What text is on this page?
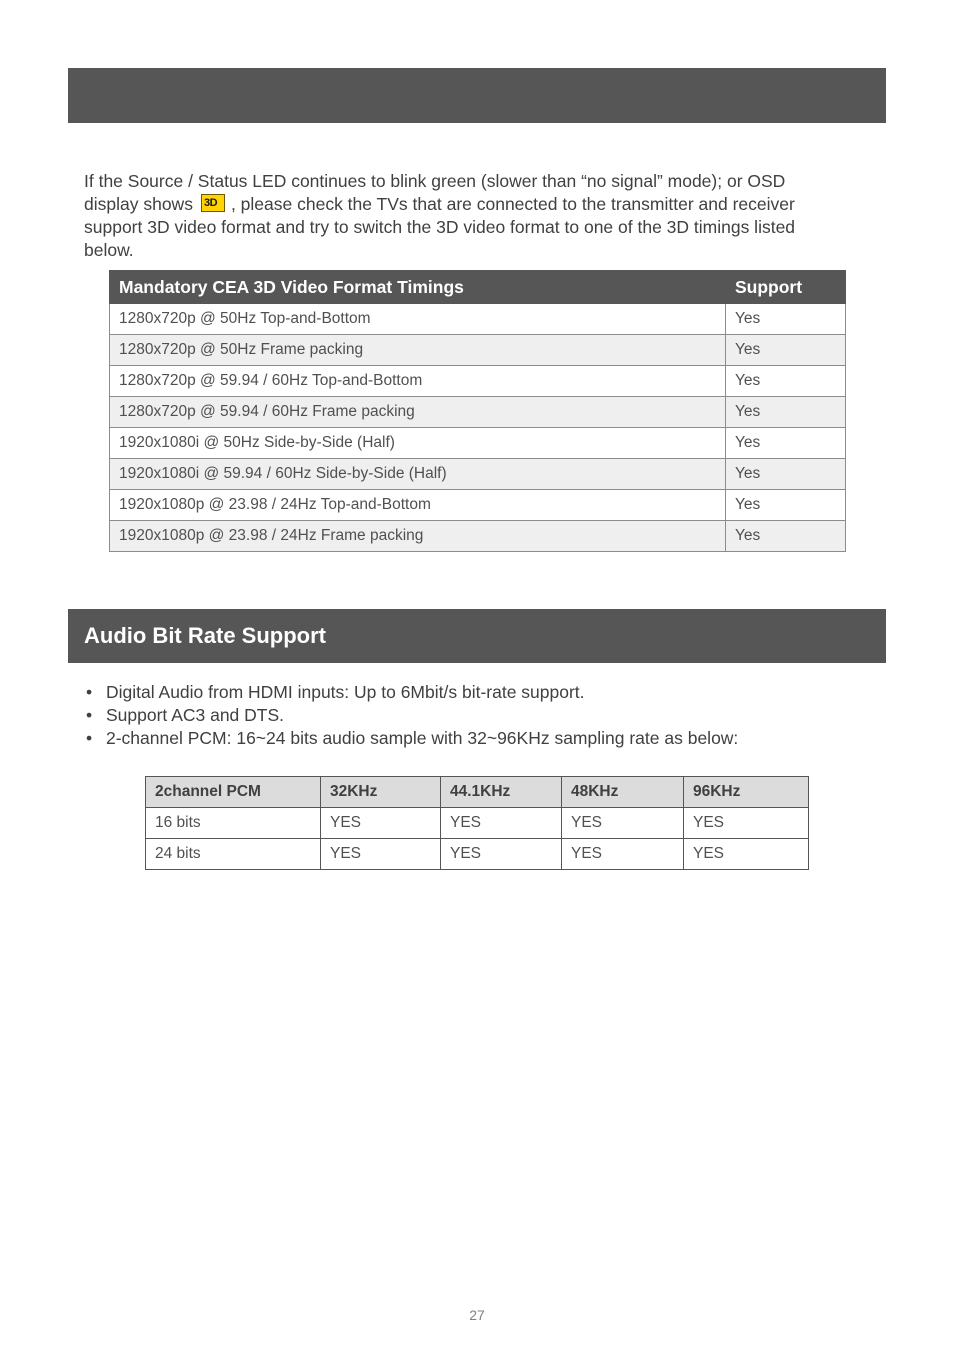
If the Source / Status LED continues to blink green (slower than “no signal” mode); or OSD display shows 3D , please check the TVs that are connected to the transmitter and receiver support 3D video format and try to switch the 3D video format to one of the 3D timings listed below.

Mandatory CEA 3D Video Format Timings	Support
1280x720p @ 50Hz Top-and-Bottom	Yes
1280x720p @ 50Hz Frame packing	Yes
1280x720p @ 59.94 / 60Hz Top-and-Bottom	Yes
1280x720p @ 59.94 / 60Hz Frame packing	Yes
1920x1080i @ 50Hz Side-by-Side (Half)	Yes
1920x1080i @ 59.94 / 60Hz Side-by-Side (Half)	Yes
1920x1080p @ 23.98 / 24Hz Top-and-Bottom	Yes
1920x1080p @ 23.98 / 24Hz Frame packing	Yes
Audio Bit Rate Support
• Digital Audio from HDMI inputs: Up to 6Mbit/s bit-rate support.
• Support AC3 and DTS.
• 2-channel PCM: 16~24 bits audio sample with 32~96KHz sampling rate as below:
2channel PCM	32KHz	44.1KHz	48KHz	96KHz
16 bits	YES	YES	YES	YES
24 bits	YES	YES	YES	YES
27
